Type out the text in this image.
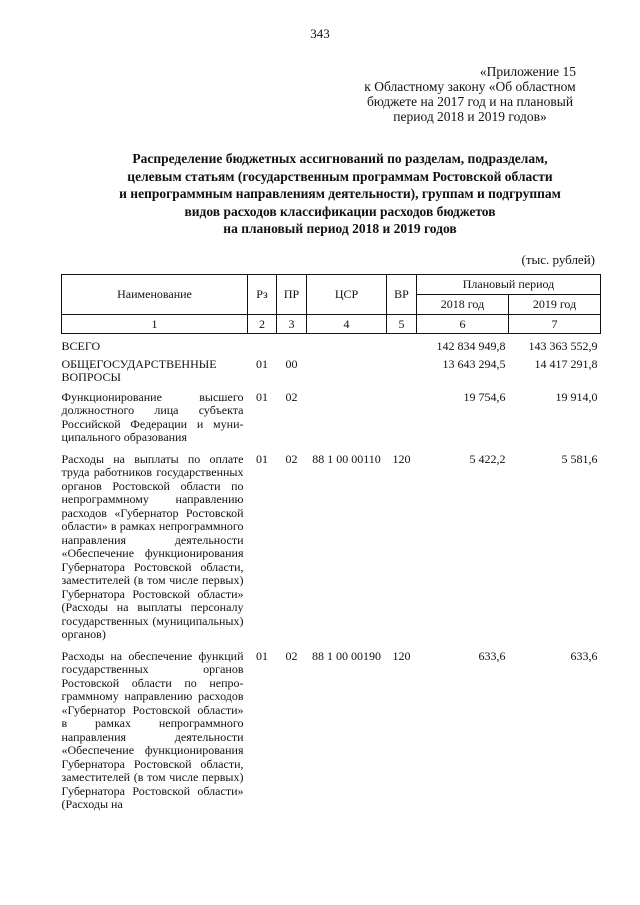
343
«Приложение 15
к Областному закону «Об областном
бюджете на 2017 год и на плановый
период 2018 и 2019 годов»
Распределение бюджетных ассигнований по разделам, подразделам,
целевым статьям (государственным программам Ростовской области
и непрограммным направлениям деятельности), группам и подгруппам
видов расходов классификации расходов бюджетов
на плановый период 2018 и 2019 годов
(тыс. рублей)
Наименование	Рз	ПР	ЦСР	ВР	Плановый период	
					2018 год	2019 год
1	2	3	4	5	6	7
ВСЕГО					142 834 949,8	143 363 552,9
ОБЩЕГОСУДАРСТВЕННЫЕ ВОПРОСЫ	01	00			13 643 294,5	14 417 291,8
Функционирование высшего должностного лица субъекта Российской Федерации и муниципального образования	01	02			19 754,6	19 914,0
Расходы на выплаты по оплате труда работников государственных органов Ростовской области по непрограммному направлению расходов «Губернатор Ростовской области» в рамках непрограммного направления деятельности «Обеспечение функционирования Губернатора Ростовской области, заместителей (в том числе первых) Губернатора Ростовской области» (Расходы на выплаты персоналу государственных (муниципальных) органов)	01	02	88 1 00 00110	120	5 422,2	5 581,6
Расходы на обеспечение функций государственных органов Ростовской области по непрограммному направлению расходов «Губернатор Ростовской области» в рамках непрограммного направления деятельности «Обеспечение функционирования Губернатора Ростовской области, заместителей (в том числе первых) Губернатора Ростовской области» (Расходы на	01	02	88 1 00 00190	120	633,6	633,6
